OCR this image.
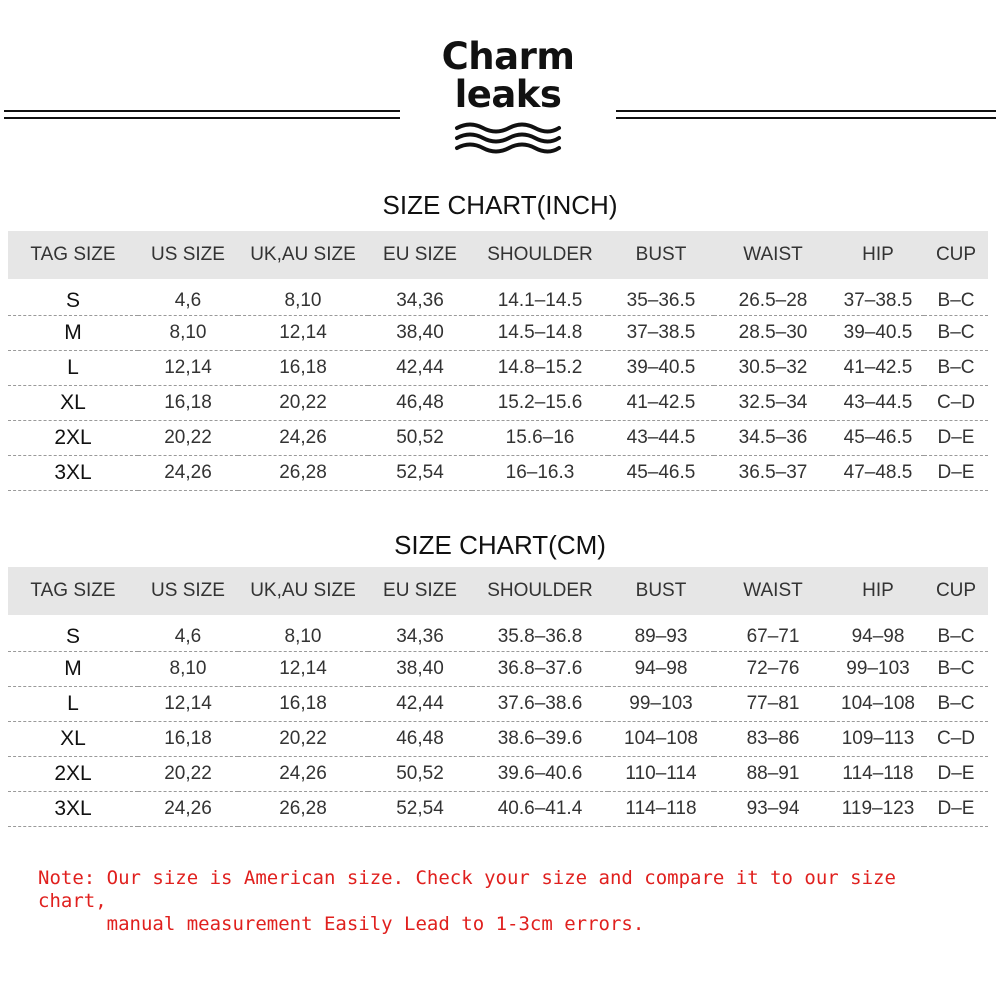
Charm
leaks
SIZE CHART(INCH)
TAG SIZE	US SIZE	UK,AU SIZE	EU SIZE	SHOULDER	BUST	WAIST	HIP	CUP
S	4,6	8,10	34,36	14.1–14.5	35–36.5	26.5–28	37–38.5	B–C
M	8,10	12,14	38,40	14.5–14.8	37–38.5	28.5–30	39–40.5	B–C
L	12,14	16,18	42,44	14.8–15.2	39–40.5	30.5–32	41–42.5	B–C
XL	16,18	20,22	46,48	15.2–15.6	41–42.5	32.5–34	43–44.5	C–D
2XL	20,22	24,26	50,52	15.6–16	43–44.5	34.5–36	45–46.5	D–E
3XL	24,26	26,28	52,54	16–16.3	45–46.5	36.5–37	47–48.5	D–E
SIZE CHART(CM)
TAG SIZE	US SIZE	UK,AU SIZE	EU SIZE	SHOULDER	BUST	WAIST	HIP	CUP
S	4,6	8,10	34,36	35.8–36.8	89–93	67–71	94–98	B–C
M	8,10	12,14	38,40	36.8–37.6	94–98	72–76	99–103	B–C
L	12,14	16,18	42,44	37.6–38.6	99–103	77–81	104–108	B–C
XL	16,18	20,22	46,48	38.6–39.6	104–108	83–86	109–113	C–D
2XL	20,22	24,26	50,52	39.6–40.6	110–114	88–91	114–118	D–E
3XL	24,26	26,28	52,54	40.6–41.4	114–118	93–94	119–123	D–E
Note: Our size is American size. Check your size and compare it to our size chart,
manual measurement Easily Lead to 1-3cm errors.
